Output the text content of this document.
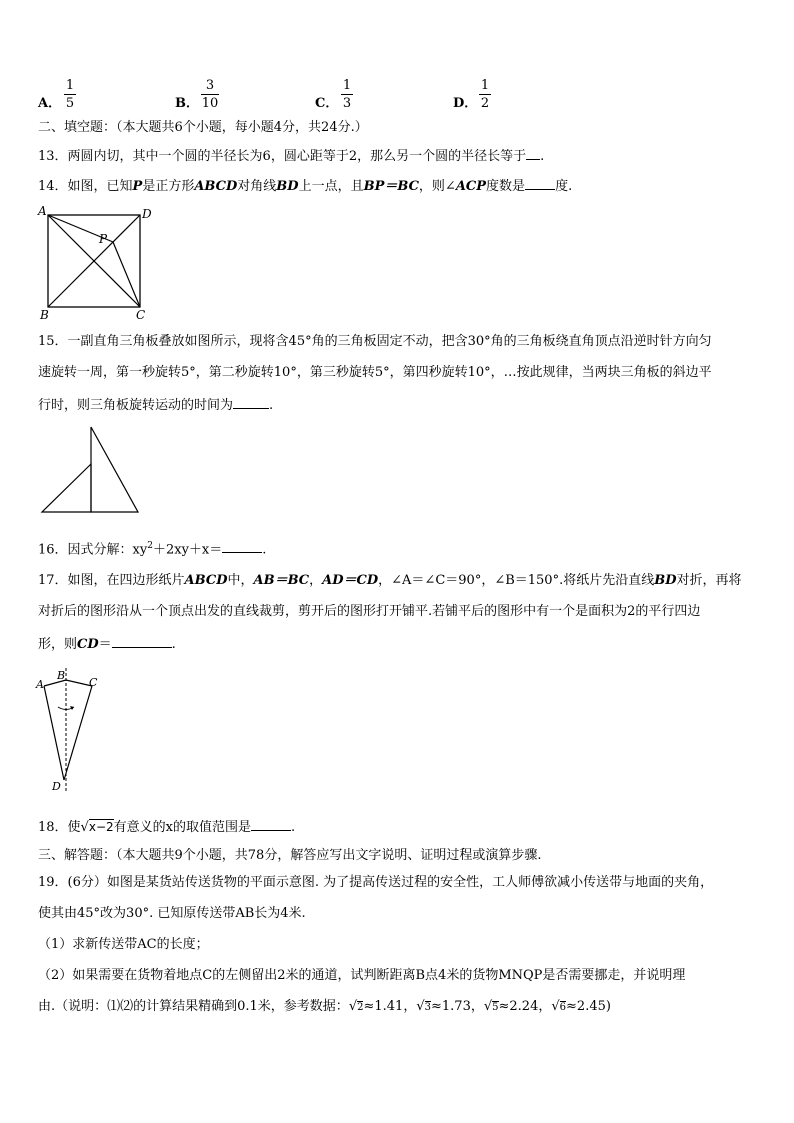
A．
1
5	B．
3
10	C．
1
3	D．
1
2
二、填空题：（本大题共6个小题，每小题4分，共24分.）
13．两圆内切，其中一个圆的半径长为6，圆心距等于2，那么另一个圆的半径长等于 .
14．如图，已知P是正方形ABCD对角线BD上一点，且BP＝BC，则∠ACP度数是 度.
A	D
B	C
P
15．一副直角三角板叠放如图所示，现将含45°角的三角板固定不动，把含30°角的三角板绕直角顶点沿逆时针方向匀
速旋转一周，第一秒旋转5°，第二秒旋转10°，第三秒旋转5°，第四秒旋转10°，…按此规律，当两块三角板的斜边平
行时，则三角板旋转运动的时间为	.
16．因式分解：$xy^2+2xy+x=$	.
17．如图，在四边形纸片ABCD中，AB＝BC，AD＝CD，∠A＝∠C＝90°，∠B＝150°.将纸片先沿直线BD对折，再将
对折后的图形沿从一个顶点出发的直线裁剪，剪开后的图形打开铺平.若铺平后的图形中有一个是面积为2的平行四边
形，则CD＝	.
A
B
C
D
18．使√x−2有意义的x的取值范围是	.
三、解答题：（本大题共9个小题，共78分，解答应写出文字说明、证明过程或演算步骤.
19．(6分）如图是某货站传送货物的平面示意图. 为了提高传送过程的安全性，工人师傅欲减小传送带与地面的夹角，
使其由45°改为30°. 已知原传送带AB长为4米.
（1）求新传送带AC的长度；
（2）如果需要在货物着地点C的左侧留出2米的通道，试判断距离B点4米的货物MNQP是否需要挪走，并说明理
由.（说明：⑴⑵的计算结果精确到0.1米，参考数据：√2≈1.41，√3≈1.73，√5≈2.24，√6≈2.45)
